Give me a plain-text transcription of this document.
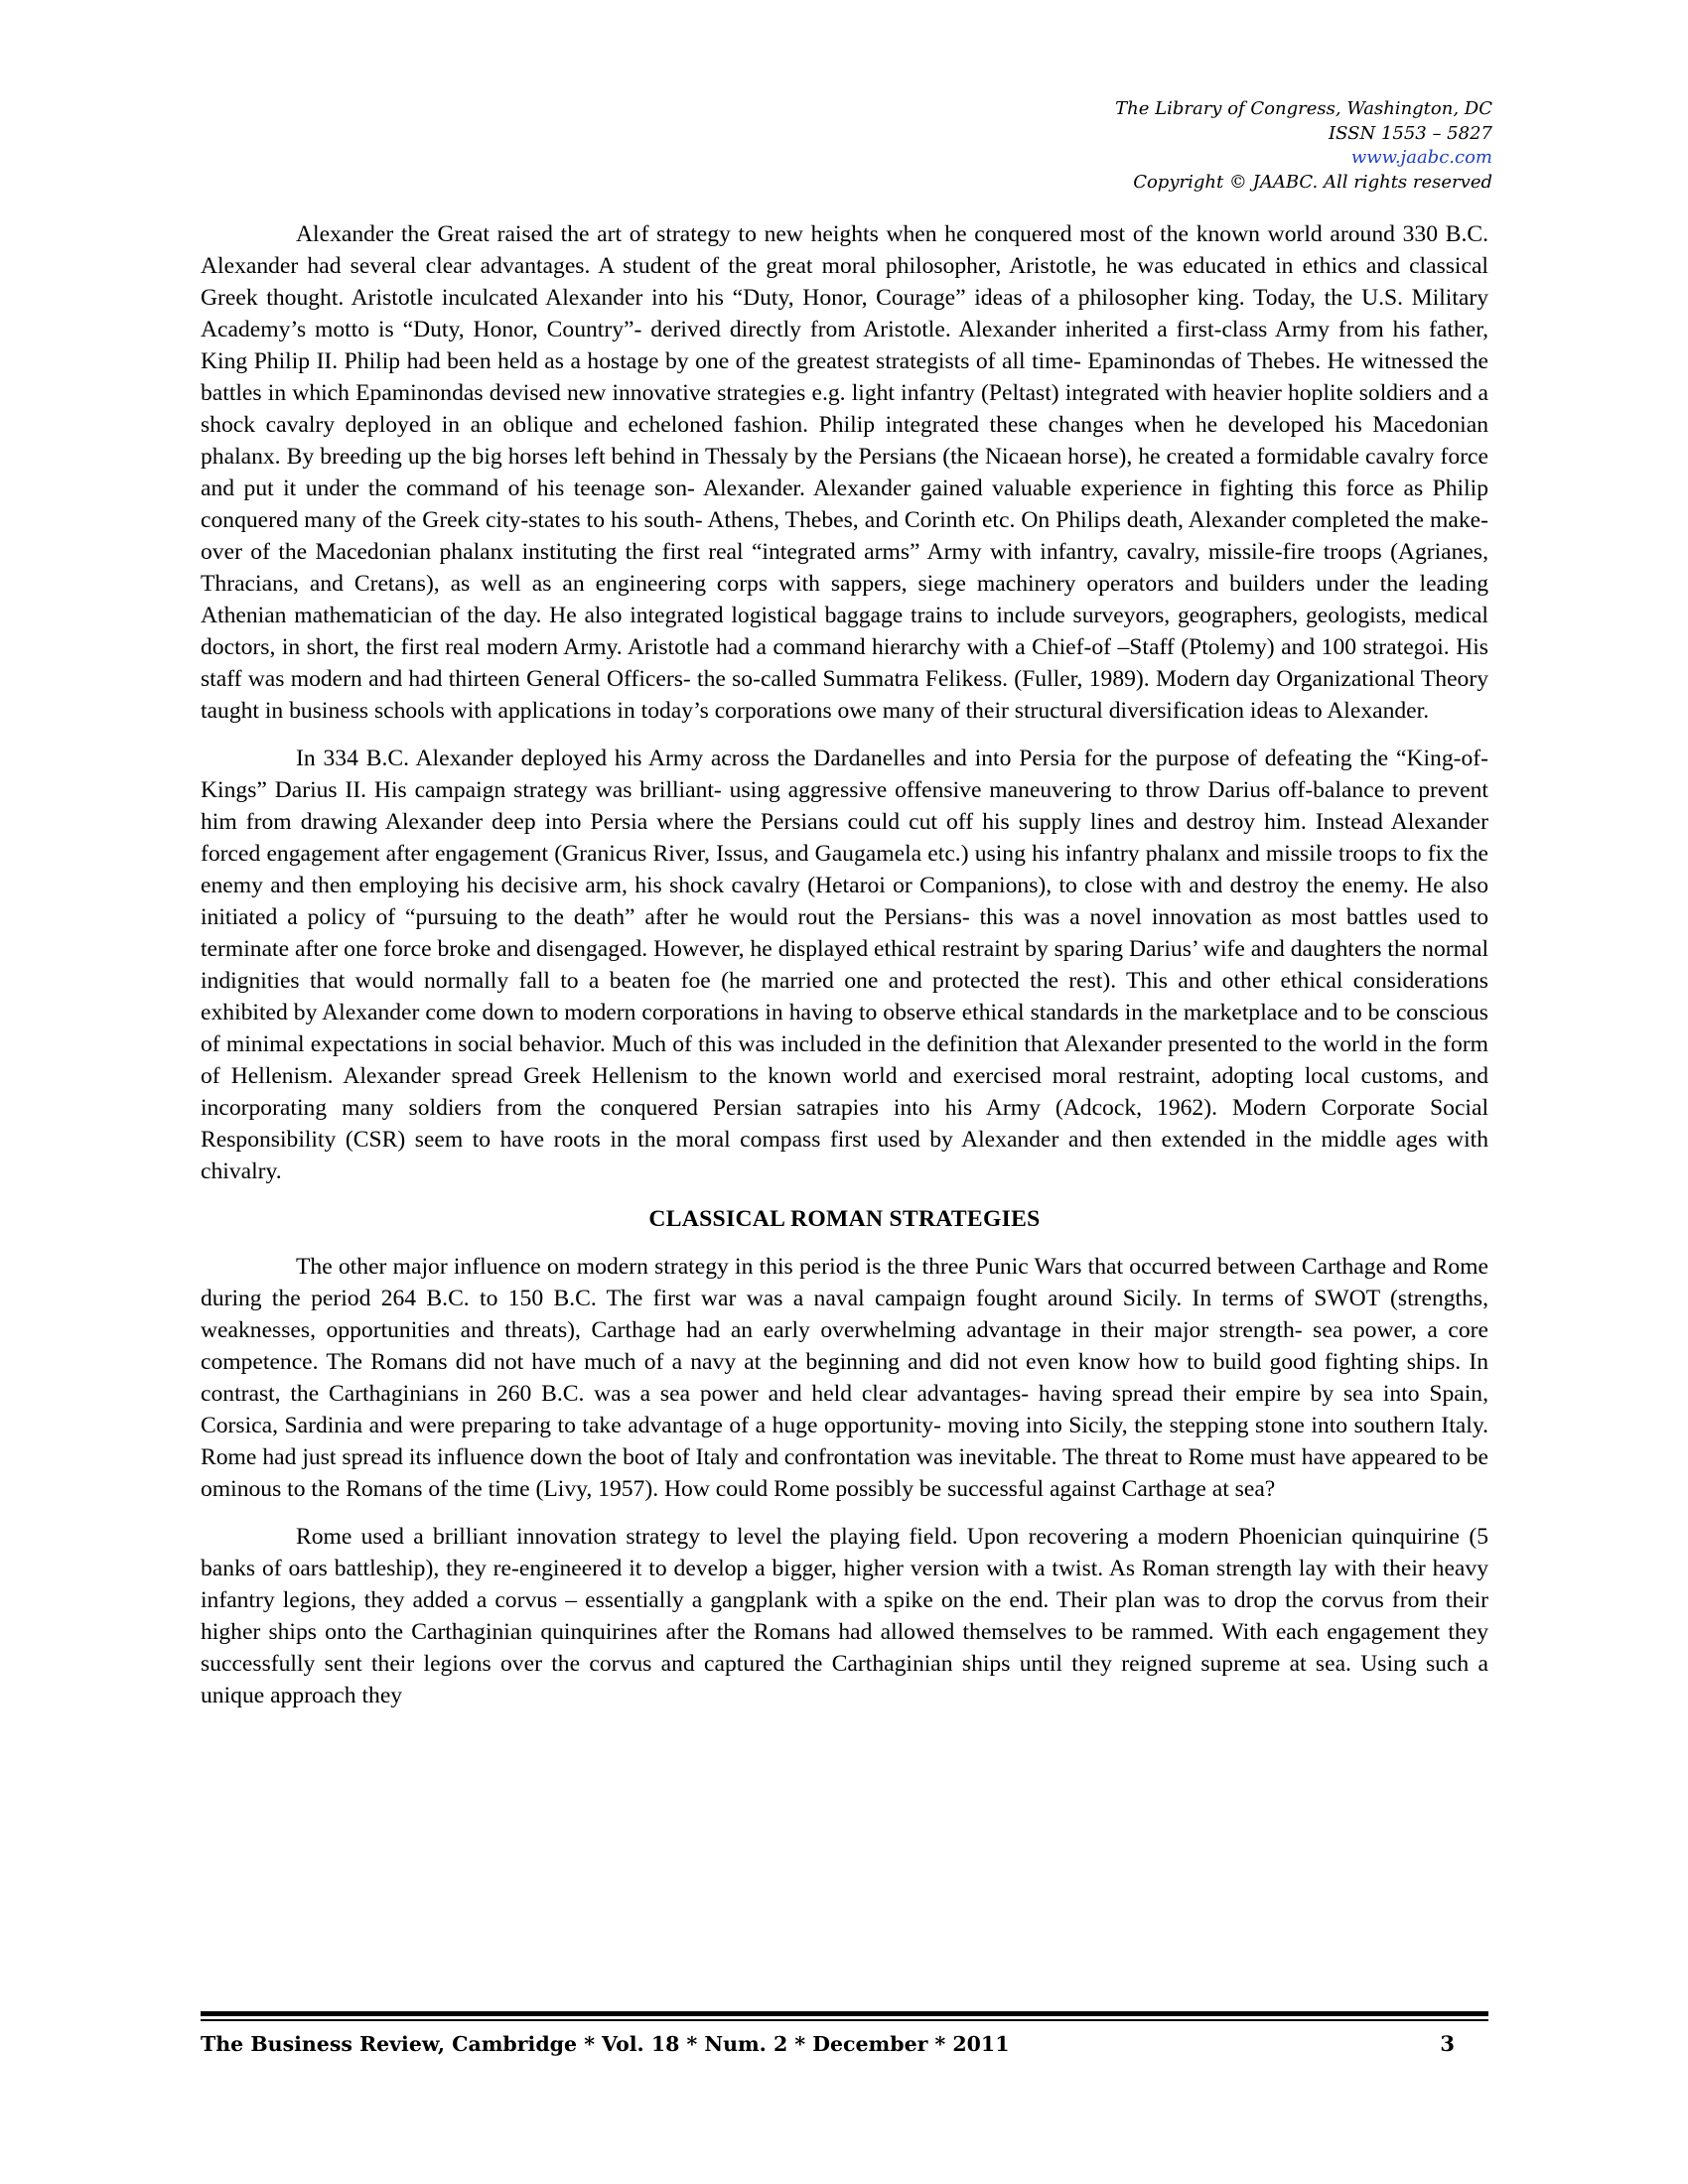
The Library of Congress, Washington, DC
ISSN 1553 – 5827
www.jaabc.com
Copyright © JAABC. All rights reserved

Alexander the Great raised the art of strategy to new heights when he conquered most of the known world around 330 B.C. Alexander had several clear advantages. A student of the great moral philosopher, Aristotle, he was educated in ethics and classical Greek thought. Aristotle inculcated Alexander into his “Duty, Honor, Courage” ideas of a philosopher king. Today, the U.S. Military Academy’s motto is “Duty, Honor, Country”- derived directly from Aristotle. Alexander inherited a first-class Army from his father, King Philip II. Philip had been held as a hostage by one of the greatest strategists of all time- Epaminondas of Thebes. He witnessed the battles in which Epaminondas devised new innovative strategies e.g. light infantry (Peltast) integrated with heavier hoplite soldiers and a shock cavalry deployed in an oblique and echeloned fashion. Philip integrated these changes when he developed his Macedonian phalanx. By breeding up the big horses left behind in Thessaly by the Persians (the Nicaean horse), he created a formidable cavalry force and put it under the command of his teenage son- Alexander. Alexander gained valuable experience in fighting this force as Philip conquered many of the Greek city-states to his south- Athens, Thebes, and Corinth etc. On Philips death, Alexander completed the make-over of the Macedonian phalanx instituting the first real “integrated arms” Army with infantry, cavalry, missile-fire troops (Agrianes, Thracians, and Cretans), as well as an engineering corps with sappers, siege machinery operators and builders under the leading Athenian mathematician of the day. He also integrated logistical baggage trains to include surveyors, geographers, geologists, medical doctors, in short, the first real modern Army. Aristotle had a command hierarchy with a Chief-of –Staff (Ptolemy) and 100 strategoi. His staff was modern and had thirteen General Officers- the so-called Summatra Felikess. (Fuller, 1989). Modern day Organizational Theory taught in business schools with applications in today’s corporations owe many of their structural diversification ideas to Alexander.

In 334 B.C. Alexander deployed his Army across the Dardanelles and into Persia for the purpose of defeating the “King-of-Kings” Darius II. His campaign strategy was brilliant- using aggressive offensive maneuvering to throw Darius off-balance to prevent him from drawing Alexander deep into Persia where the Persians could cut off his supply lines and destroy him. Instead Alexander forced engagement after engagement (Granicus River, Issus, and Gaugamela etc.) using his infantry phalanx and missile troops to fix the enemy and then employing his decisive arm, his shock cavalry (Hetaroi or Companions), to close with and destroy the enemy. He also initiated a policy of “pursuing to the death” after he would rout the Persians- this was a novel innovation as most battles used to terminate after one force broke and disengaged. However, he displayed ethical restraint by sparing Darius’ wife and daughters the normal indignities that would normally fall to a beaten foe (he married one and protected the rest). This and other ethical considerations exhibited by Alexander come down to modern corporations in having to observe ethical standards in the marketplace and to be conscious of minimal expectations in social behavior. Much of this was included in the definition that Alexander presented to the world in the form of Hellenism. Alexander spread Greek Hellenism to the known world and exercised moral restraint, adopting local customs, and incorporating many soldiers from the conquered Persian satrapies into his Army (Adcock, 1962). Modern Corporate Social Responsibility (CSR) seem to have roots in the moral compass first used by Alexander and then extended in the middle ages with chivalry.

CLASSICAL ROMAN STRATEGIES

The other major influence on modern strategy in this period is the three Punic Wars that occurred between Carthage and Rome during the period 264 B.C. to 150 B.C. The first war was a naval campaign fought around Sicily. In terms of SWOT (strengths, weaknesses, opportunities and threats), Carthage had an early overwhelming advantage in their major strength- sea power, a core competence. The Romans did not have much of a navy at the beginning and did not even know how to build good fighting ships. In contrast, the Carthaginians in 260 B.C. was a sea power and held clear advantages- having spread their empire by sea into Spain, Corsica, Sardinia and were preparing to take advantage of a huge opportunity- moving into Sicily, the stepping stone into southern Italy. Rome had just spread its influence down the boot of Italy and confrontation was inevitable. The threat to Rome must have appeared to be ominous to the Romans of the time (Livy, 1957). How could Rome possibly be successful against Carthage at sea?

Rome used a brilliant innovation strategy to level the playing field. Upon recovering a modern Phoenician quinquirine (5 banks of oars battleship), they re-engineered it to develop a bigger, higher version with a twist. As Roman strength lay with their heavy infantry legions, they added a corvus – essentially a gangplank with a spike on the end. Their plan was to drop the corvus from their higher ships onto the Carthaginian quinquirines after the Romans had allowed themselves to be rammed. With each engagement they successfully sent their legions over the corvus and captured the Carthaginian ships until they reigned supreme at sea. Using such a unique approach they

The Business Review, Cambridge * Vol. 18 * Num. 2 * December * 2011	3
